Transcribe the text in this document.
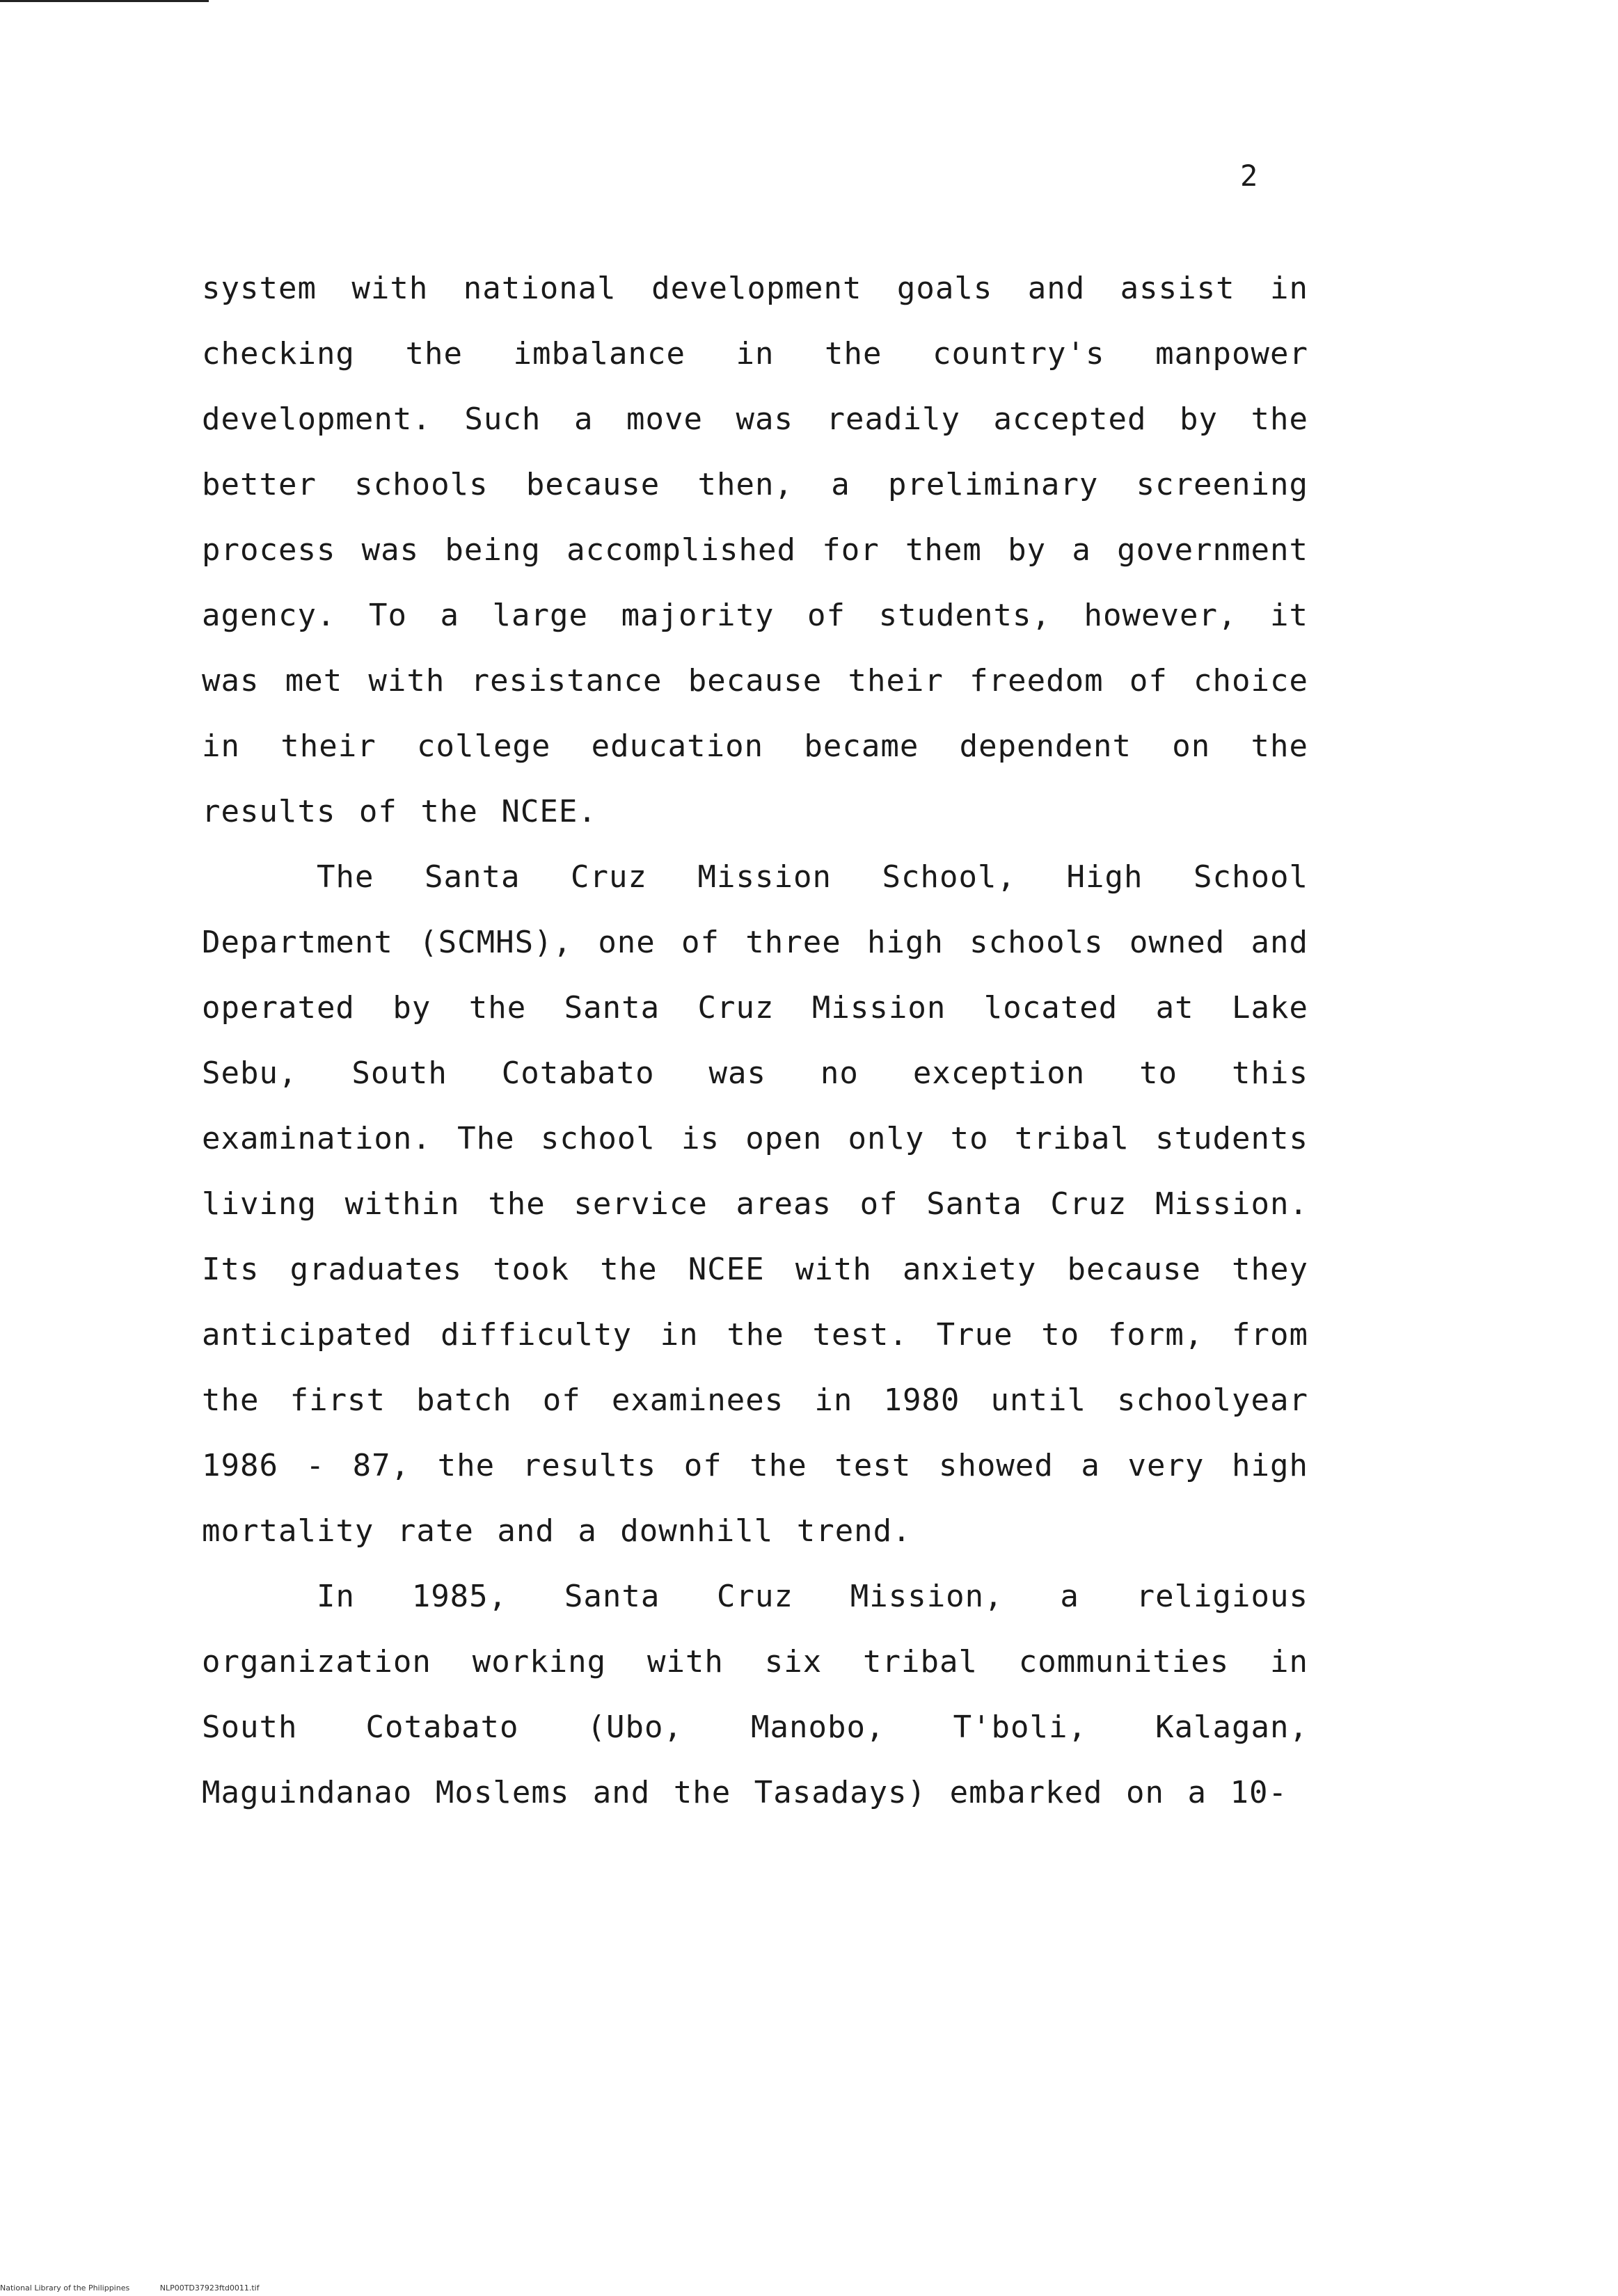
2

system with national development goals and assist in checking the imbalance in the country's manpower development. Such a move was readily accepted by the better schools because then, a preliminary screening process was being accomplished for them by a government agency. To a large majority of students, however, it was met with resistance because their freedom of choice in their college education became dependent on the results of the NCEE.

The Santa Cruz Mission School, High School Department (SCMHS), one of three high schools owned and operated by the Santa Cruz Mission located at Lake Sebu, South Cotabato was no exception to this examination. The school is open only to tribal students living within the service areas of Santa Cruz Mission. Its graduates took the NCEE with anxiety because they anticipated difficulty in the test. True to form, from the first batch of examinees in 1980 until schoolyear 1986 - 87, the results of the test showed a very high mortality rate and a downhill trend.

In 1985, Santa Cruz Mission, a religious organization working with six tribal communities in South Cotabato (Ubo, Manobo, T'boli, Kalagan, Maguindanao Moslems and the Tasadays) embarked on a 10-

National Library of the Philippines	NLP00TD37923ftd0011.tif
